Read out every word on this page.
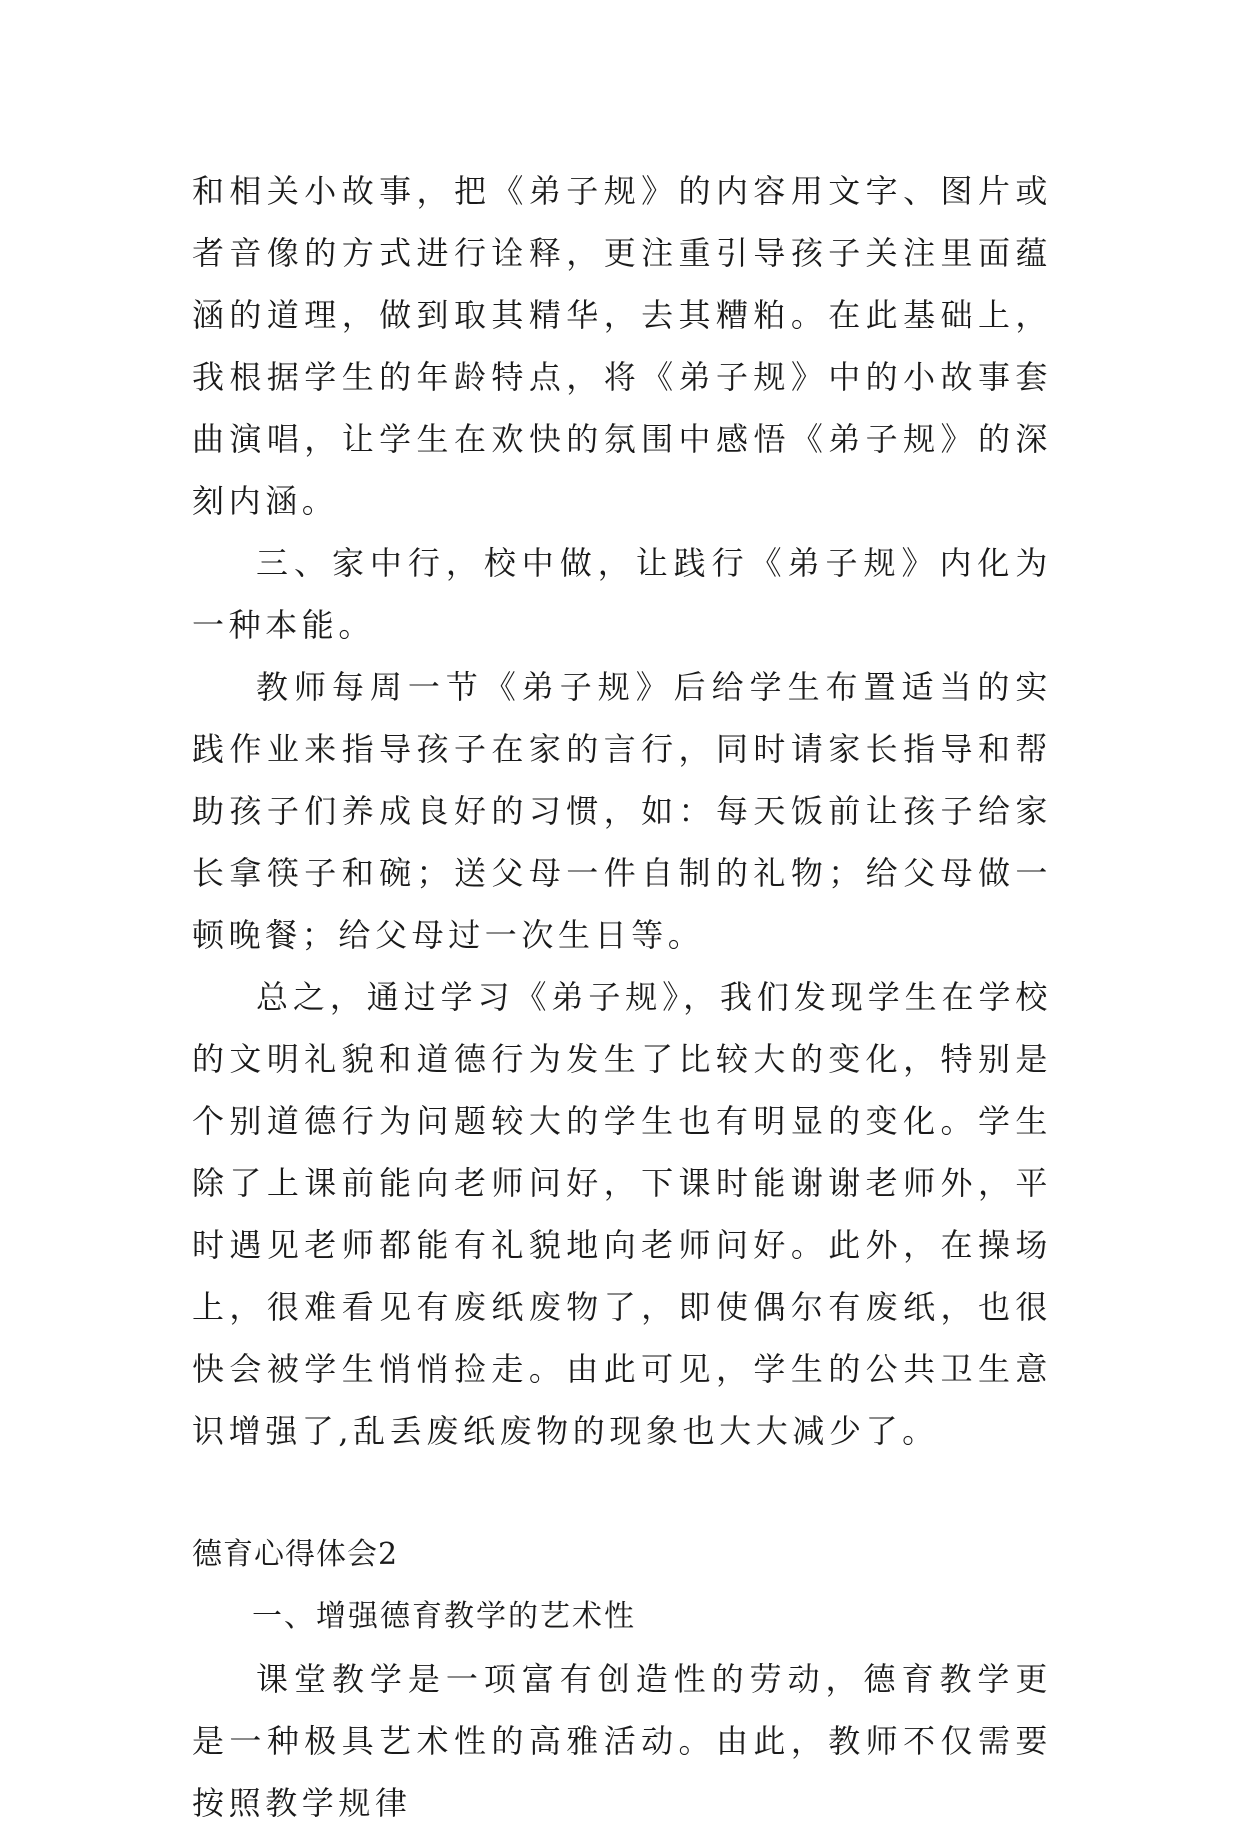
和相关小故事，把《弟子规》的内容用文字、图片或者音像的方式进行诠释，更注重引导孩子关注里面蕴涵的道理，做到取其精华，去其糟粕。在此基础上，我根据学生的年龄特点，将《弟子规》中的小故事套曲演唱，让学生在欢快的氛围中感悟《弟子规》的深刻内涵。

三、家中行，校中做，让践行《弟子规》内化为一种本能。

教师每周一节《弟子规》后给学生布置适当的实践作业来指导孩子在家的言行，同时请家长指导和帮助孩子们养成良好的习惯，如：每天饭前让孩子给家长拿筷子和碗；送父母一件自制的礼物；给父母做一顿晚餐；给父母过一次生日等。

总之，通过学习《弟子规》，我们发现学生在学校的文明礼貌和道德行为发生了比较大的变化，特别是个别道德行为问题较大的学生也有明显的变化。学生除了上课前能向老师问好，下课时能谢谢老师外，平时遇见老师都能有礼貌地向老师问好。此外，在操场上，很难看见有废纸废物了，即使偶尔有废纸，也很快会被学生悄悄捡走。由此可见，学生的公共卫生意识增强了,乱丢废纸废物的现象也大大减少了。

德育心得体会2

一、增强德育教学的艺术性

课堂教学是一项富有创造性的劳动，德育教学更是一种极具艺术性的高雅活动。由此，教师不仅需要按照教学规律
